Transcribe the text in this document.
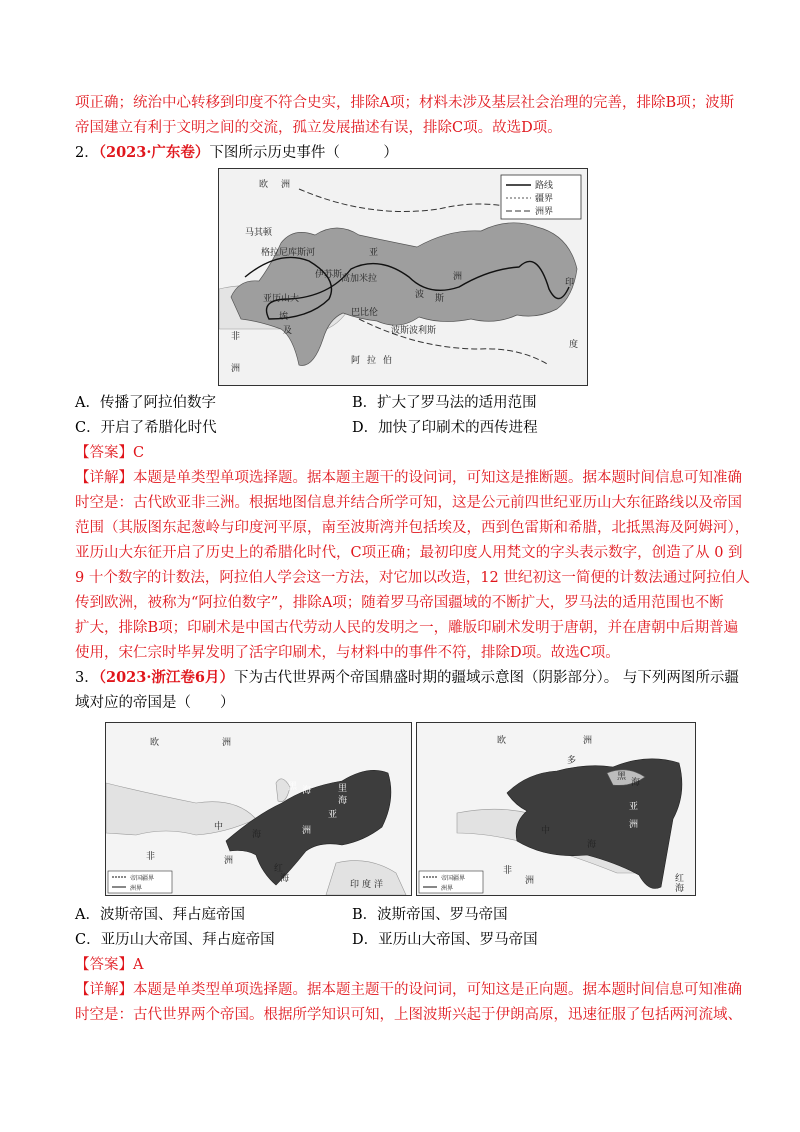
项正确；统治中心转移到印度不符合史实，排除A项；材料未涉及基层社会治理的完善，排除B项；波斯
帝国建立有利于文明之间的交流，孤立发展描述有误，排除C项。故选D项。
2．（2023·广东卷）下图所示历史事件（　　　）
路线
疆界
洲界
欧 洲
亚
洲
非
洲
阿 拉 伯
印
度
波 斯
埃
及
巴比伦
亚历山大
伊苏斯
高加米拉
波斯波利斯
马其顿
格拉尼库斯河
A．传播了阿拉伯数字	B．扩大了罗马法的适用范围
C．开启了希腊化时代	D．加快了印刷术的西传进程
【答案】C
【详解】本题是单类型单项选择题。据本题主题干的设问词，可知这是推断题。据本题时间信息可知准确
时空是：古代欧亚非三洲。根据地图信息并结合所学可知，这是公元前四世纪亚历山大东征路线以及帝国
范围（其版图东起葱岭与印度河平原，南至波斯湾并包括埃及，西到色雷斯和希腊，北抵黑海及阿姆河），
亚历山大东征开启了历史上的希腊化时代，C项正确；最初印度人用梵文的字头表示数字，创造了从 0 到
9 十个数字的计数法，阿拉伯人学会这一方法，对它加以改造，12 世纪初这一简便的计数法通过阿拉伯人
传到欧洲，被称为“阿拉伯数字”，排除A项；随着罗马帝国疆域的不断扩大，罗马法的适用范围也不断
扩大，排除B项；印刷术是中国古代劳动人民的发明之一，雕版印刷术发明于唐朝，并在唐朝中后期普遍
使用，宋仁宗时毕昇发明了活字印刷术，与材料中的事件不符，排除D项。故选C项。
3．（2023·浙江卷6月）下为古代世界两个帝国鼎盛时期的疆域示意图（阴影部分）。 与下列两图所示疆
域对应的帝国是（　　）
帝国疆界
洲界
欧	洲
黑 海	里
海
亚
中
海
非	洲
洲
红
海
印 度 洋
帝国疆界
洲界
欧	洲
多
黑
海
亚
洲
中
海
非
洲	红
海
A．波斯帝国、拜占庭帝国	B．波斯帝国、罗马帝国
C．亚历山大帝国、拜占庭帝国	D．亚历山大帝国、罗马帝国
【答案】A
【详解】本题是单类型单项选择题。据本题主题干的设问词，可知这是正向题。据本题时间信息可知准确
时空是：古代世界两个帝国。根据所学知识可知，上图波斯兴起于伊朗高原，迅速征服了包括两河流域、
